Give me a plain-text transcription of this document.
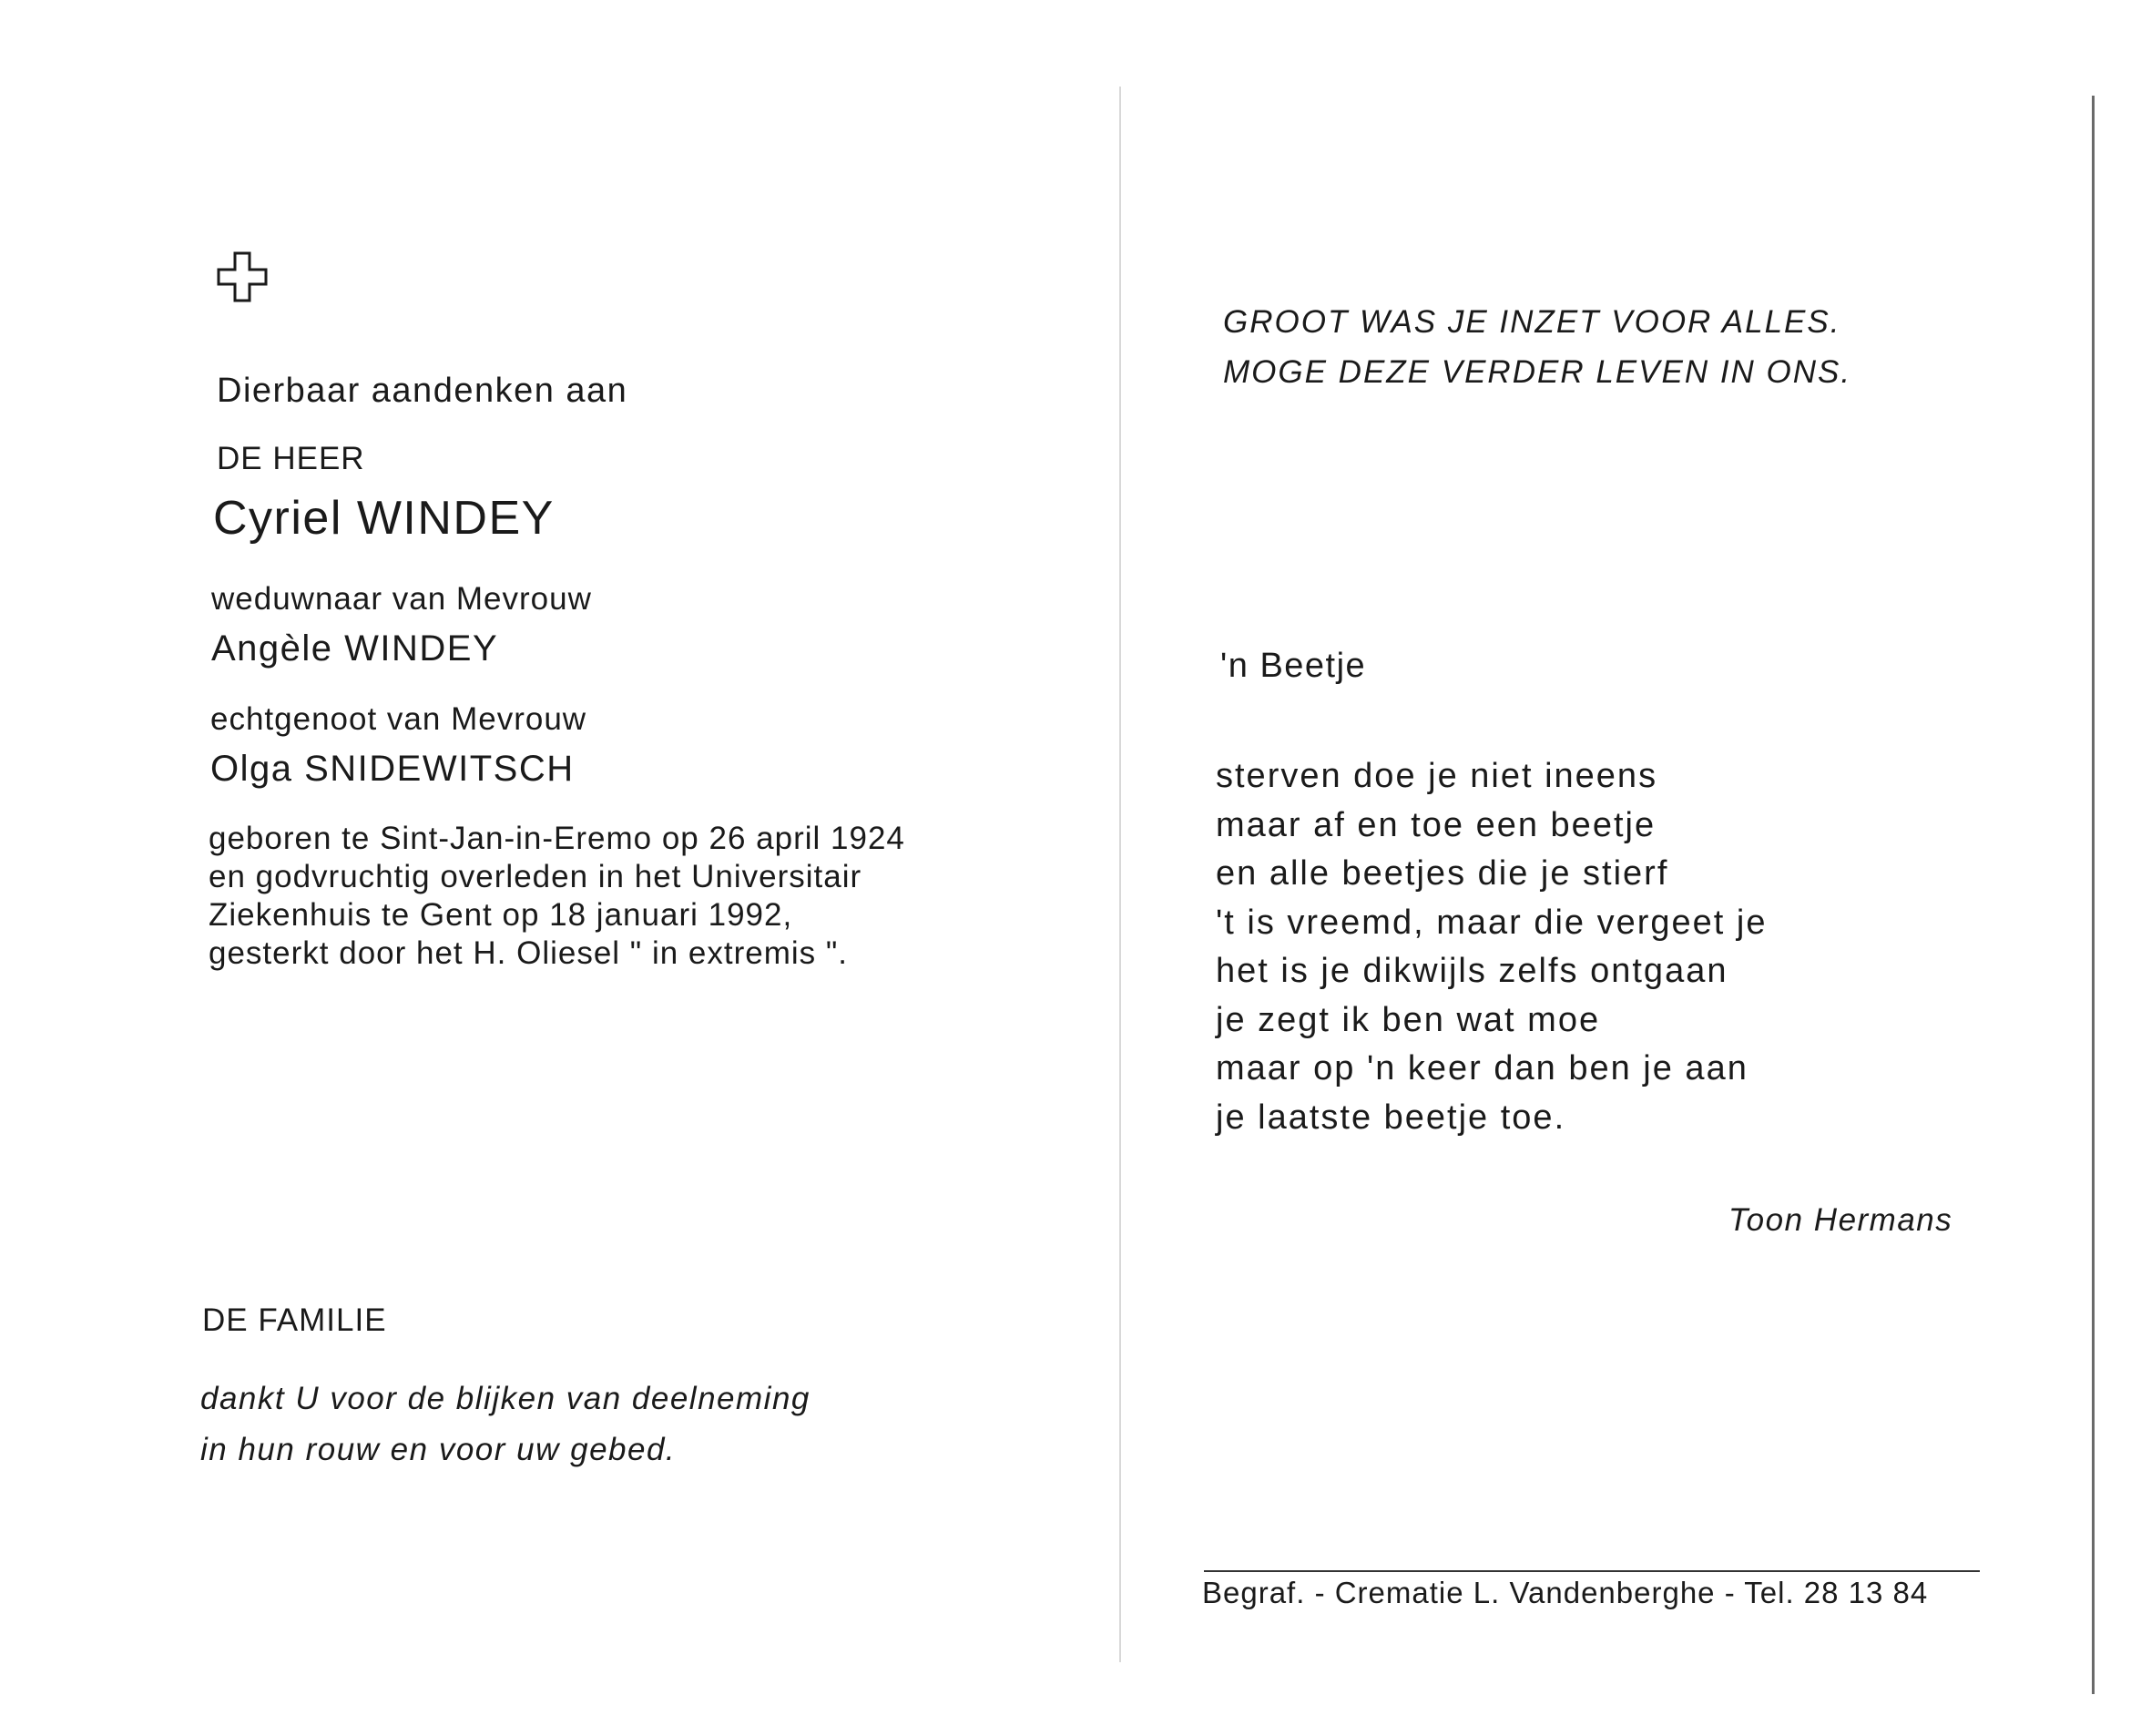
Dierbaar aandenken aan
DE HEER
Cyriel WINDEY
weduwnaar van Mevrouw
Angèle WINDEY
echtgenoot van Mevrouw
Olga SNIDEWITSCH
geboren te Sint-Jan-in-Eremo op 26 april 1924
en godvruchtig overleden in het Universitair
Ziekenhuis te Gent op 18 januari 1992,
gesterkt door het H. Oliesel " in extremis ".
DE FAMILIE
dankt U voor de blijken van deelneming
in hun rouw en voor uw gebed.
GROOT WAS JE INZET VOOR ALLES.
MOGE DEZE VERDER LEVEN IN ONS.
'n Beetje
sterven doe je niet ineens
maar af en toe een beetje
en alle beetjes die je stierf
't is vreemd, maar die vergeet je
het is je dikwijls zelfs ontgaan
je zegt ik ben wat moe
maar op 'n keer dan ben je aan
je laatste beetje toe.
Toon Hermans
Begraf. - Crematie L. Vandenberghe - Tel. 28 13 84
